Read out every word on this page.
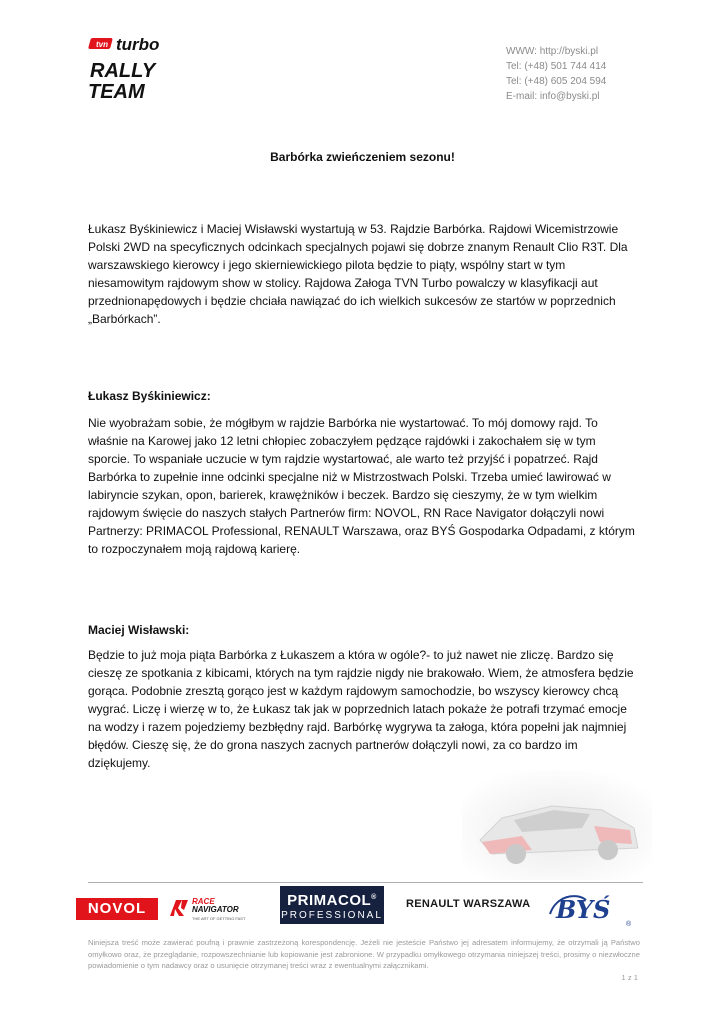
tvn turbo
RALLY
TEAM
WWW: http://byski.pl
Tel: (+48) 501 744 414
Tel: (+48) 605 204 594
E-mail: info@byski.pl
Barbórka zwieńczeniem sezonu!

Łukasz Byśkiniewicz i Maciej Wisławski wystartują w 53. Rajdzie Barbórka. Rajdowi Wicemistrzowie Polski 2WD na specyficznych odcinkach specjalnych pojawi się dobrze znanym Renault Clio R3T. Dla warszawskiego kierowcy i jego skierniewickiego pilota będzie to piąty, wspólny start w tym niesamowitym rajdowym show w stolicy. Rajdowa Załoga TVN Turbo powalczy w klasyfikacji aut przednionapędowych i będzie chciała nawiązać do ich wielkich sukcesów ze startów w poprzednich „Barbórkach”.

Łukasz Byśkiniewicz:

Nie wyobrażam sobie, że mógłbym w rajdzie Barbórka nie wystartować. To mój domowy rajd. To właśnie na Karowej jako 12 letni chłopiec zobaczyłem pędzące rajdówki i zakochałem się w tym sporcie. To wspaniałe uczucie w tym rajdzie wystartować, ale warto też przyjść i popatrzeć. Rajd Barbórka to zupełnie inne odcinki specjalne niż w Mistrzostwach Polski. Trzeba umieć lawirować w labiryncie szykan, opon, barierek, krawężników i beczek. Bardzo się cieszymy, że w tym wielkim rajdowym święcie do naszych stałych Partnerów firm: NOVOL, RN Race Navigator dołączyli nowi Partnerzy: PRIMACOL Professional, RENAULT Warszawa, oraz BYŚ Gospodarka Odpadami, z którym to rozpoczynałem moją rajdową karierę.

Maciej Wisławski:

Będzie to już moja piąta Barbórka z Łukaszem a która w ogóle?- to już nawet nie zliczę. Bardzo się cieszę ze spotkania z kibicami, których na tym rajdzie nigdy nie brakowało. Wiem, że atmosfera będzie gorąca. Podobnie zresztą gorąco jest w każdym rajdowym samochodzie, bo wszyscy kierowcy chcą wygrać. Liczę i wierzę w to, że Łukasz tak jak w poprzednich latach pokaże że potrafi trzymać emocje na wodzy i razem pojedziemy bezbłędny rajd. Barbórkę wygrywa ta załoga, która popełni jak najmniej błędów. Cieszę się, że do grona naszych zacnych partnerów dołączyli nowi, za co bardzo im dziękujemy.

NOVOL	RACE
NAVIGATOR
THE ART OF GETTING FAST
PRIMACOL®
PROFESSIONAL
RENAULT WARSZAWA BYŚ
®
Niniejsza treść może zawierać poufną i prawnie zastrzeżoną korespondencję. Jeżeli nie jesteście Państwo jej adresatem informujemy, że otrzymali ją Państwo omyłkowo oraz, że przeglądanie, rozpowszechnianie lub kopiowanie jest zabronione. W przypadku omyłkowego otrzymania niniejszej treści, prosimy o niezwłoczne powiadomienie o tym nadawcy oraz o usunięcie otrzymanej treści wraz z ewentualnymi załącznikami.
1 z 1
